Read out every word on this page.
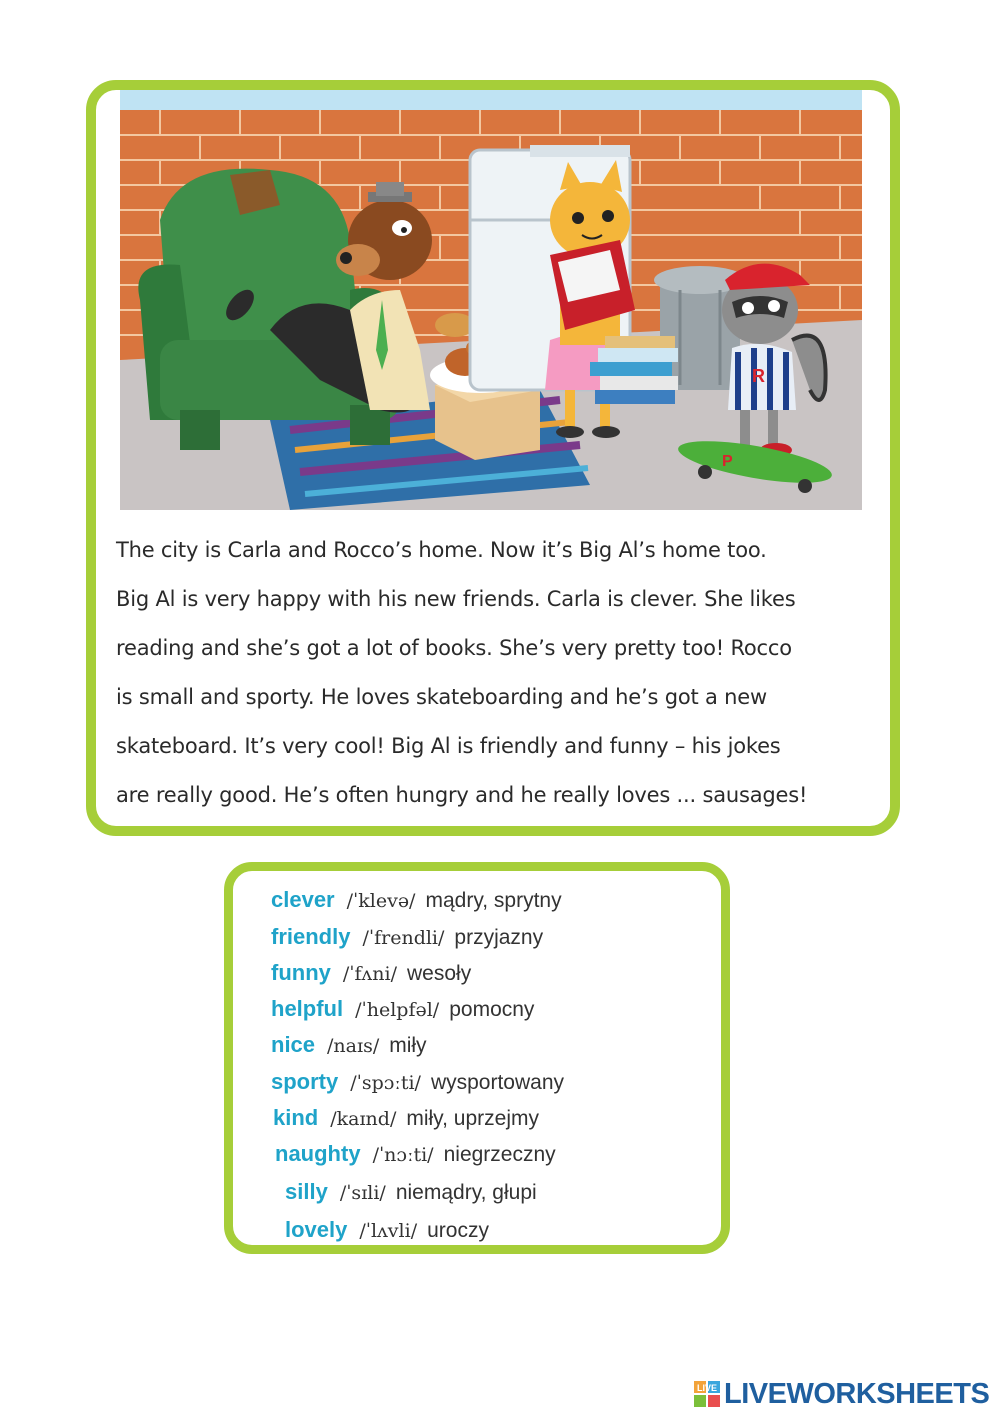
R
P

The city is Carla and Rocco’s home. Now it’s Big Al’s home too.
Big Al is very happy with his new friends. Carla is clever. She likes
reading and she’s got a lot of books. She’s very pretty too! Rocco
is small and sporty. He loves skateboarding and he’s got a new
skateboard. It’s very cool! Big Al is friendly and funny – his jokes
are really good. He’s often hungry and he really loves ... sausages!

clever /ˈklevə/ mądry, sprytny
friendly /ˈfrendli/ przyjazny
funny /ˈfʌni/ wesoły
helpful /ˈhelpfəl/ pomocny
nice /naɪs/ miły
sporty /ˈspɔːti/ wysportowany
kind /kaɪnd/ miły, uprzejmy
naughty /ˈnɔːti/ niegrzeczny
silly /ˈsɪli/ niemądry, głupi
lovely /ˈlʌvli/ uroczy
LIVE LIVEWORKSHEETS
